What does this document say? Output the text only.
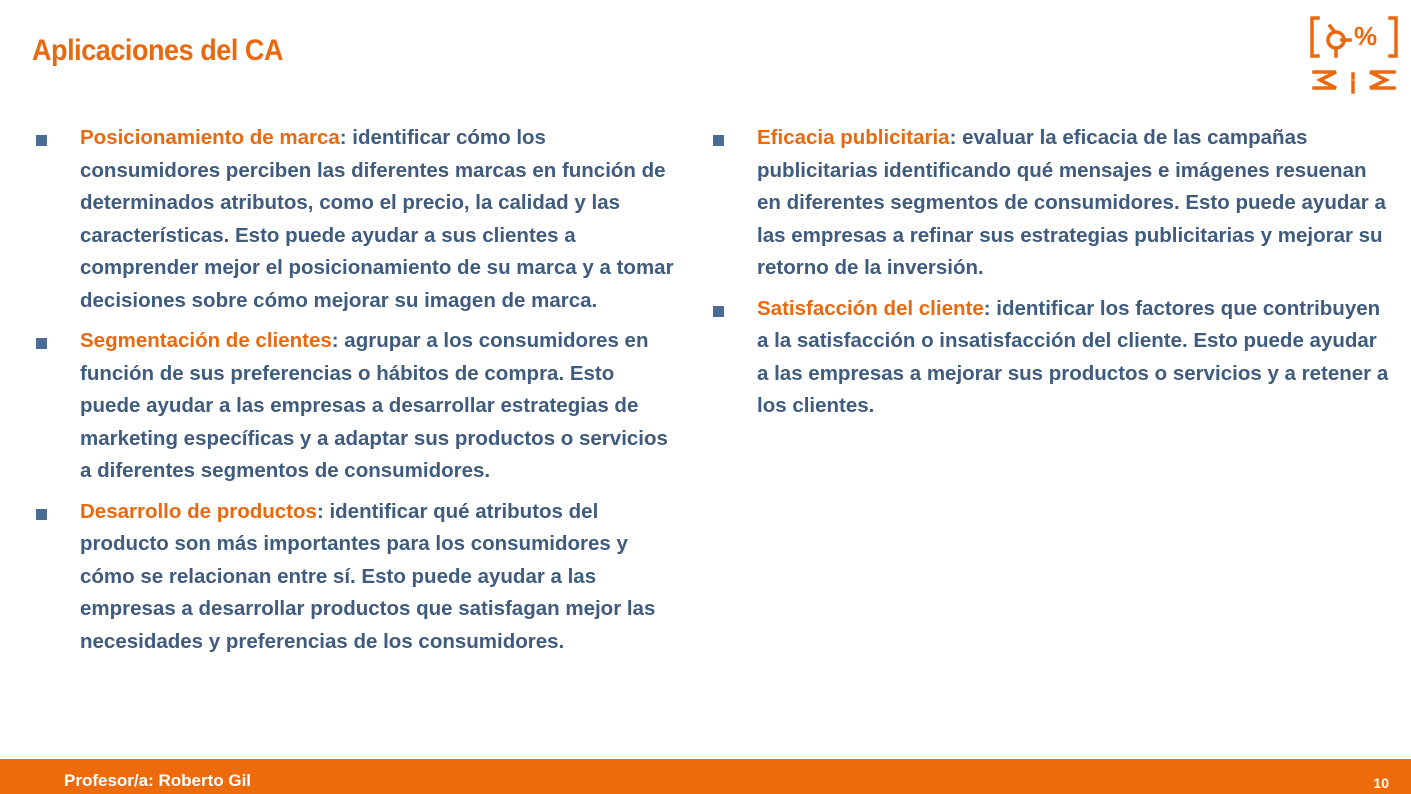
Aplicaciones del CA	%
Posicionamiento de marca: identificar cómo los consumidores perciben las diferentes marcas en función de determinados atributos, como el precio, la calidad y las características. Esto puede ayudar a sus clientes a comprender mejor el posicionamiento de su marca y a tomar decisiones sobre cómo mejorar su imagen de marca.
Segmentación de clientes: agrupar a los consumidores en función de sus preferencias o hábitos de compra. Esto puede ayudar a las empresas a desarrollar estrategias de marketing específicas y a adaptar sus productos o servicios a diferentes segmentos de consumidores.
Desarrollo de productos: identificar qué atributos del producto son más importantes para los consumidores y cómo se relacionan entre sí. Esto puede ayudar a las empresas a desarrollar productos que satisfagan mejor las necesidades y preferencias de los consumidores.
Eficacia publicitaria: evaluar la eficacia de las campañas publicitarias identificando qué mensajes e imágenes resuenan en diferentes segmentos de consumidores. Esto puede ayudar a las empresas a refinar sus estrategias publicitarias y mejorar su retorno de la inversión.
Satisfacción del cliente: identificar los factores que contribuyen a la satisfacción o insatisfacción del cliente. Esto puede ayudar a las empresas a mejorar sus productos o servicios y a retener a los clientes.
Profesor/a: Roberto Gil	10
